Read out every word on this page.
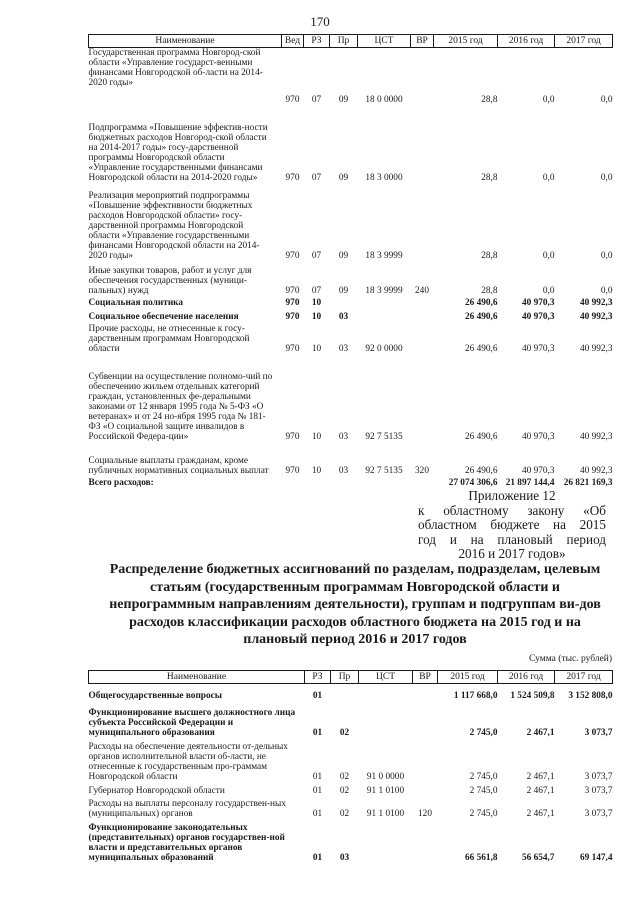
170
Наименование	Вед	РЗ	Пр	ЦСТ	ВР	2015 год	2016 год	2017 год
Государственная программа Новгород-ской области «Управление государст-венными финансами Новгородской об-ласти на 2014-2020 годы»	970	07	09	18 0 0000		28,8	0,0	0,0
Подпрограмма «Повышение эффектив-ности бюджетных расходов Новгород-ской области на 2014-2017 годы» госу-дарственной программы Новгородской области «Управление государственными финансами Новгородской области на 2014-2020 годы»	970	07	09	18 3 0000		28,8	0,0	0,0
Реализация мероприятий подпрограммы «Повышение эффективности бюджетных расходов Новгородской области» госу-дарственной программы Новгородской области «Управление государственными финансами Новгородской области на 2014-2020 годы»	970	07	09	18 3 9999		28,8	0,0	0,0
Иные закупки товаров, работ и услуг для обеспечения государственных (муници-пальных) нужд	970	07	09	18 3 9999	240	28,8	0,0	0,0
Социальная политика	970	10				26 490,6	40 970,3	40 992,3
Социальное обеспечение населения	970	10	03			26 490,6	40 970,3	40 992,3
Прочие расходы, не отнесенные к госу-дарственным программам Новгородской области	970	10	03	92 0 0000		26 490,6	40 970,3	40 992,3
Субвенции на осуществление полномо-чий по обеспечению жильем отдельных категорий граждан, установленных фе-деральными законами от 12 января 1995 года № 5-ФЗ «О ветеранах» и от 24 но-ября 1995 года № 181-ФЗ «О социальной защите инвалидов в Российской Федера-ции»	970	10	03	92 7 5135		26 490,6	40 970,3	40 992,3
Социальные выплаты гражданам, кроме публичных нормативных социальных выплат	970	10	03	92 7 5135	320	26 490,6	40 970,3	40 992,3
Всего расходов:						27 074 306,6	21 897 144,4	26 821 169,3
Приложение 12
к областному закону «Об
областном бюджете на 2015
год и на плановый период
2016 и 2017 годов»
Распределение бюджетных ассигнований по разделам, подразделам, целевым статьям (государственным программам Новгородской области и непрограммным направлениям деятельности), группам и подгруппам ви-дов расходов классификации расходов областного бюджета на 2015 год и на плановый период 2016 и 2017 годов
Сумма (тыс. рублей)
Наименование	РЗ	Пр	ЦСТ	ВР	2015 год	2016 год	2017 год
Общегосударственные вопросы	01				1 117 668,0	1 524 509,8	3 152 808,0
Функционирование высшего должностного лица субъекта Российской Федерации и муниципального образования	01	02			2 745,0	2 467,1	3 073,7
Расходы на обеспечение деятельности от-дельных органов исполнительной власти об-ласти, не отнесенные к государственным про-граммам Новгородской области	01	02	91 0 0000		2 745,0	2 467,1	3 073,7
Губернатор Новгородской области	01	02	91 1 0100		2 745,0	2 467,1	3 073,7
Расходы на выплаты персоналу государствен-ных (муниципальных) органов	01	02	91 1 0100	120	2 745,0	2 467,1	3 073,7
Функционирование законодательных (представительных) органов государствен-ной власти и представительных органов муниципальных образований	01	03			66 561,8	56 654,7	69 147,4
